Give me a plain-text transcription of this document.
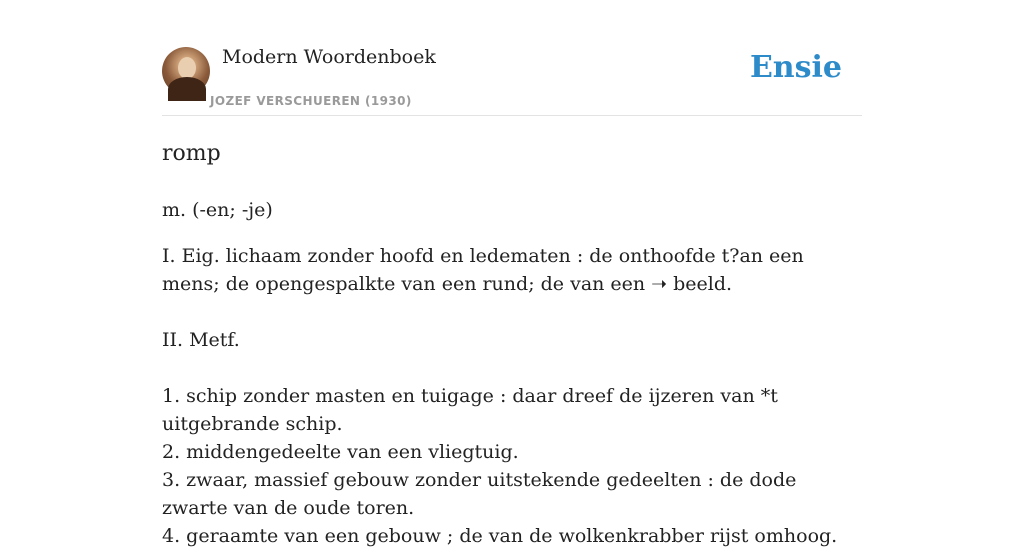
Modern Woordenboek
JOZEF VERSCHUEREN (1930)
Ensie
romp

m. (-en; -je)

I. Eig. lichaam zonder hoofd en ledematen : de onthoofde t?an een mens; de opengespalkte van een rund; de van een ➝ beeld.

II. Metf.

1. schip zonder masten en tuigage : daar dreef de ijzeren van *t uitgebrande schip.
2. middengedeelte van een vliegtuig.
3. zwaar, massief gebouw zonder uitstekende gedeelten : de dode zwarte van de oude toren.
4. geraamte van een gebouw ; de van de wolkenkrabber rijst omhoog.
